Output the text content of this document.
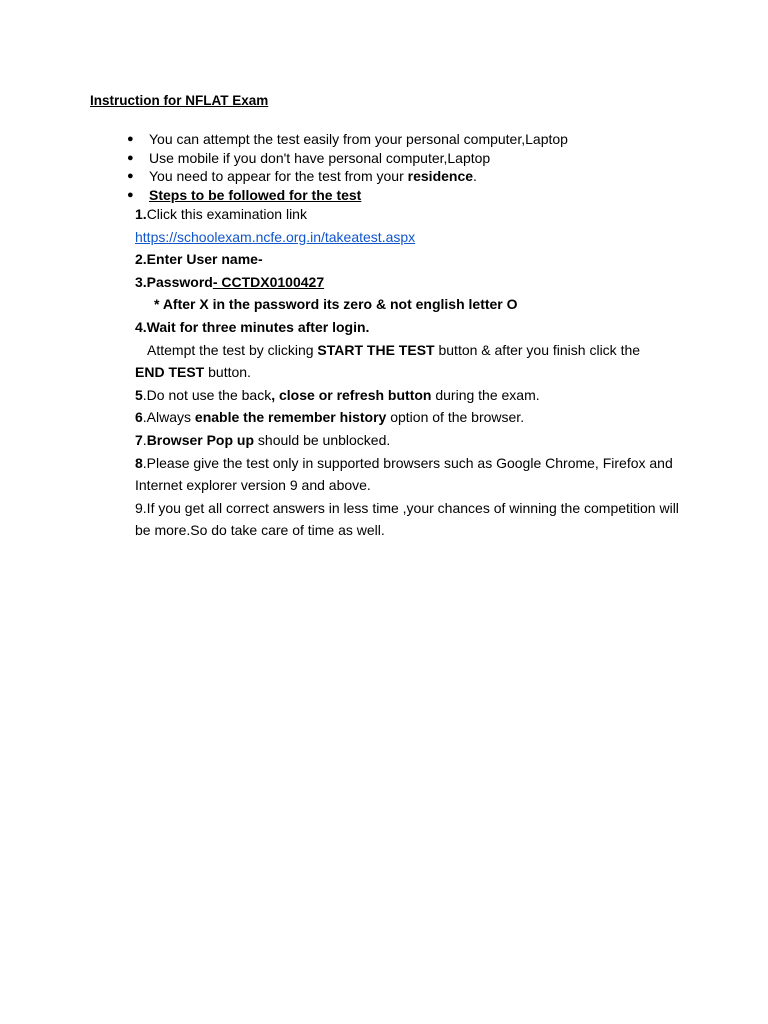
Instruction for NFLAT Exam
● You can attempt the test easily from your personal computer,Laptop
● Use mobile if you don't have personal computer,Laptop
● You need to appear for the test from your residence.
● Steps to be followed for the test
1.Click this examination link
https://schoolexam.ncfe.org.in/takeatest.aspx
2.Enter User name-
3.Password- CCTDX0100427
* After X in the password its zero & not english letter O
4.Wait for three minutes after login.
Attempt the test by clicking START THE TEST button & after you finish click the
END TEST button.
5.Do not use the back, close or refresh button during the exam.
6.Always enable the remember history option of the browser.
7.Browser Pop up should be unblocked.
8.Please give the test only in supported browsers such as Google Chrome, Firefox and Internet explorer version 9 and above.
9.If you get all correct answers in less time ,your chances of winning the competition will be more.So do take care of time as well.
